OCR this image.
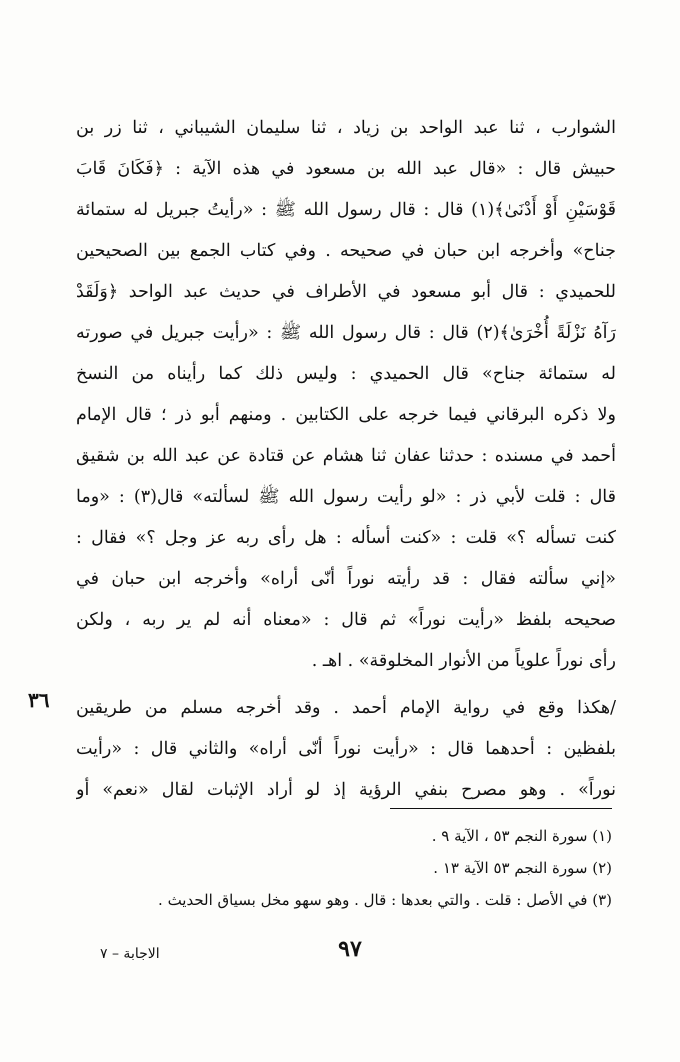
الشوارب ، ثنا عبد الواحد بن زياد ، ثنا سليمان الشيباني ، ثنا زر بن
حبيش قال : «قال عبد الله بن مسعود في هذه الآية : ﴿فَكَانَ قَابَ
قَوْسَيْنِ أَوْ أَدْنَىٰ﴾(١) قال : قال رسول الله ﷺ : «رأيتُ جبريل له ستمائة
جناح» وأخرجه ابن حبان في صحيحه . وفي كتاب الجمع بين الصحيحين
للحميدي : قال أبو مسعود في الأطراف في حديث عبد الواحد ﴿وَلَقَدْ
رَآهُ نَزْلَةً أُخْرَىٰ﴾(٢) قال : قال رسول الله ﷺ : «رأيت جبريل في صورته
له ستمائة جناح» قال الحميدي : وليس ذلك كما رأيناه من النسخ
ولا ذكره البرقاني فيما خرجه على الكتابين . ومنهم أبو ذر ؛ قال الإمام
أحمد في مسنده : حدثنا عفان ثنا هشام عن قتادة عن عبد الله بن شقيق
قال : قلت لأبي ذر : «لو رأيت رسول الله ﷺ لسألته» قال(٣) : «وما
كنت تسأله ؟» قلت : «كنت أسأله : هل رأى ربه عز وجل ؟» فقال :
«إني سألته فقال : قد رأيته نوراً أنّى أراه» وأخرجه ابن حبان في
صحيحه بلفظ «رأيت نوراً» ثم قال : «معناه أنه لم ير ربه ، ولكن
رأى نوراً علوياً من الأنوار المخلوقة» . اهـ .
/هكذا وقع في رواية الإمام أحمد . وقد أخرجه مسلم من طريقين
بلفظين : أحدهما قال : «رأيت نوراً أنّى أراه» والثاني قال : «رأيت
نوراً» . وهو مصرح بنفي الرؤية إذ لو أراد الإثبات لقال «نعم» أو
٣٦
(١) سورة النجم ٥٣ ، الآية ٩ .
(٢) سورة النجم ٥٣ الآية ١٣ .
(٣) في الأصل : قلت . والتي بعدها : قال . وهو سهو مخل بسياق الحديث .
٩٧
الاجابة – ٧
